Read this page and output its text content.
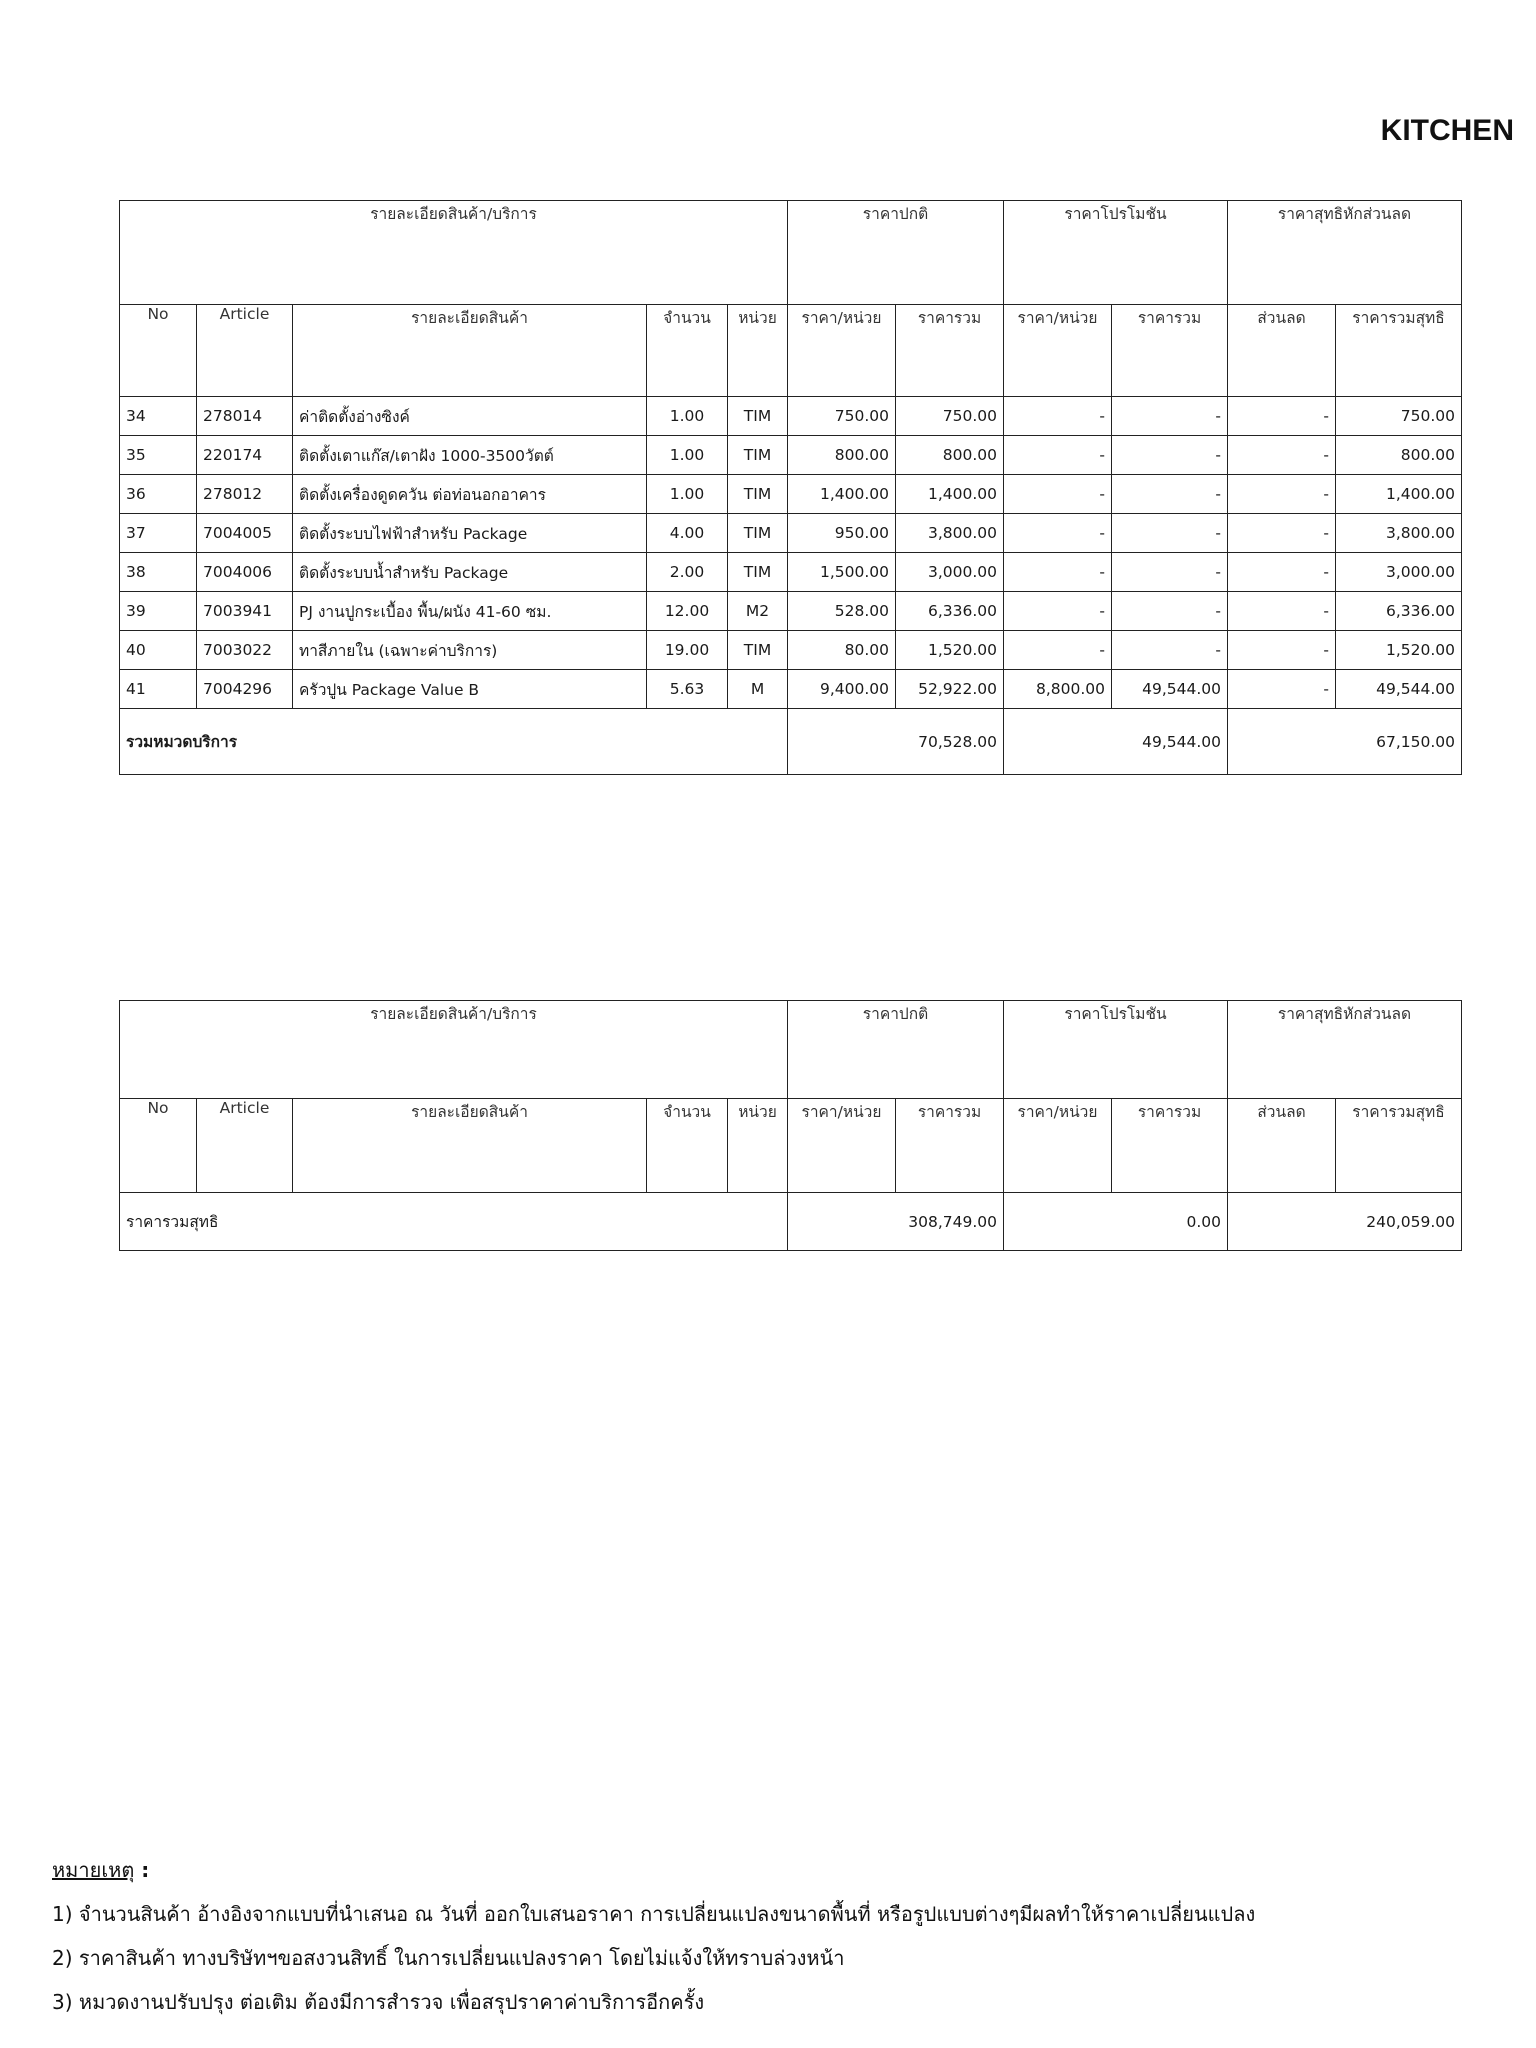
KITCHEN
รายละเอียดสินค้า/บริการ					ราคาปกติ		ราคาโปรโมชัน		ราคาสุทธิหักส่วนลด	
No	Article	รายละเอียดสินค้า	จำนวน	หน่วย	ราคา/หน่วย	ราคารวม	ราคา/หน่วย	ราคารวม	ส่วนลด	ราคารวมสุทธิ
34	278014	ค่าติดตั้งอ่างซิงค์	1.00	TIM	750.00	750.00	-	-	-	750.00
35	220174	ติดตั้งเตาแก๊ส/เตาฝัง 1000-3500วัตต์	1.00	TIM	800.00	800.00	-	-	-	800.00
36	278012	ติดตั้งเครื่องดูดควัน ต่อท่อนอกอาคาร	1.00	TIM	1,400.00	1,400.00	-	-	-	1,400.00
37	7004005	ติดตั้งระบบไฟฟ้าสำหรับ Package	4.00	TIM	950.00	3,800.00	-	-	-	3,800.00
38	7004006	ติดตั้งระบบน้ำสำหรับ Package	2.00	TIM	1,500.00	3,000.00	-	-	-	3,000.00
39	7003941	PJ งานปูกระเบื้อง พื้น/ผนัง 41-60 ซม.	12.00	M2	528.00	6,336.00	-	-	-	6,336.00
40	7003022	ทาสีภายใน (เฉพาะค่าบริการ)	19.00	TIM	80.00	1,520.00	-	-	-	1,520.00
41	7004296	ครัวปูน Package Value B	5.63	M	9,400.00	52,922.00	8,800.00	49,544.00	-	49,544.00
รวมหมวดบริการ					70,528.00		49,544.00		67,150.00	
รายละเอียดสินค้า/บริการ					ราคาปกติ		ราคาโปรโมชัน		ราคาสุทธิหักส่วนลด	
No	Article	รายละเอียดสินค้า	จำนวน	หน่วย	ราคา/หน่วย	ราคารวม	ราคา/หน่วย	ราคารวม	ส่วนลด	ราคารวมสุทธิ
ราคารวมสุทธิ					308,749.00		0.00		240,059.00	
หมายเหตุ :
1) จำนวนสินค้า อ้างอิงจากแบบที่นำเสนอ ณ วันที่ ออกใบเสนอราคา การเปลี่ยนแปลงขนาดพื้นที่ หรือรูปแบบต่างๆมีผลทำให้ราคาเปลี่ยนแปลง
2) ราคาสินค้า ทางบริษัทฯขอสงวนสิทธิ์ ในการเปลี่ยนแปลงราคา โดยไม่แจ้งให้ทราบล่วงหน้า
3) หมวดงานปรับปรุง ต่อเติม ต้องมีการสำรวจ เพื่อสรุปราคาค่าบริการอีกครั้ง
